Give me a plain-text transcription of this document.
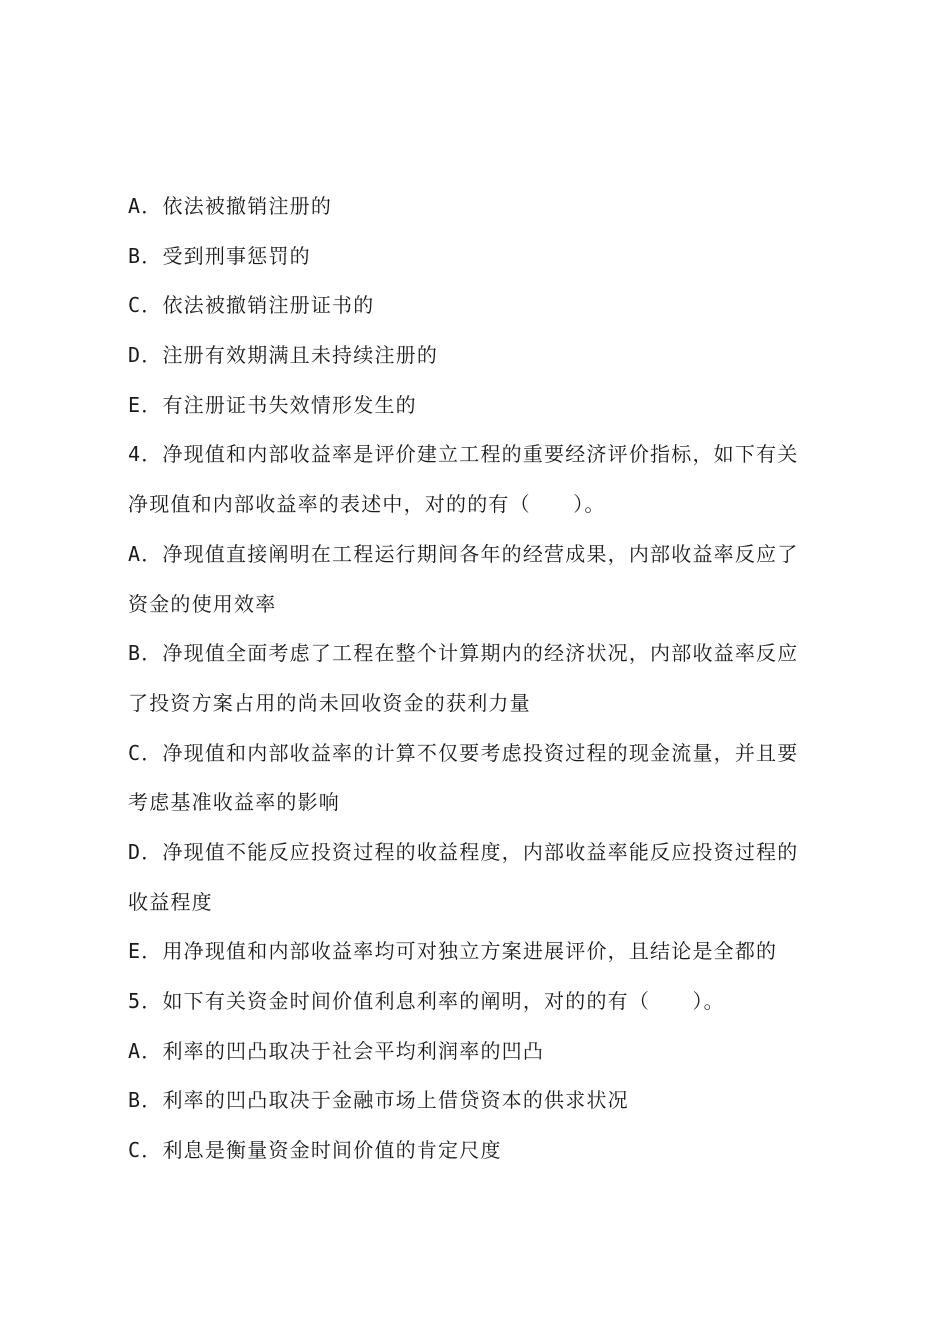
A．依法被撤销注册的
B．受到刑事惩罚的
C．依法被撤销注册证书的
D．注册有效期满且未持续注册的
E．有注册证书失效情形发生的
4．净现值和内部收益率是评价建立工程的重要经济评价指标，如下有关
净现值和内部收益率的表述中，对的的有（　　）。
A．净现值直接阐明在工程运行期间各年的经营成果，内部收益率反应了
资金的使用效率
B．净现值全面考虑了工程在整个计算期内的经济状况，内部收益率反应
了投资方案占用的尚未回收资金的获利力量
C．净现值和内部收益率的计算不仅要考虑投资过程的现金流量，并且要
考虑基准收益率的影响
D．净现值不能反应投资过程的收益程度，内部收益率能反应投资过程的
收益程度
E．用净现值和内部收益率均可对独立方案进展评价，且结论是全都的
5．如下有关资金时间价值利息利率的阐明，对的的有（　　）。
A．利率的凹凸取决于社会平均利润率的凹凸
B．利率的凹凸取决于金融市场上借贷资本的供求状况
C．利息是衡量资金时间价值的肯定尺度
